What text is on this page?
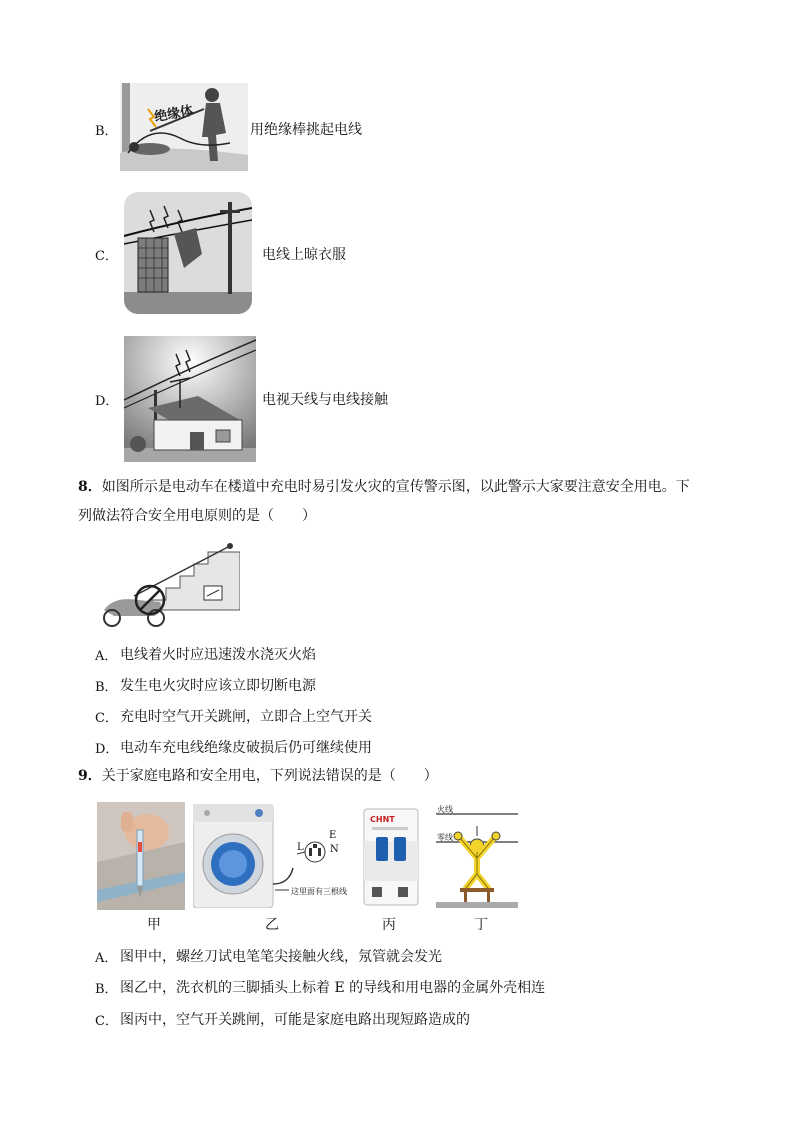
B．
绝缘体
用绝缘棒挑起电线
C．	电线上晾衣服
D．	电视天线与电线接触
8．如图所示是电动车在楼道中充电时易引发火灾的宣传警示图，以此警示大家要注意安全用电。下
列做法符合安全用电原则的是（　　）
A． 电线着火时应迅速泼水浇灭火焰
B． 发生电火灾时应该立即切断电源
C． 充电时空气开关跳闸，立即合上空气开关
D． 电动车充电线绝缘皮破损后仍可继续使用
9．关于家庭电路和安全用电，下列说法错误的是（　　）
甲
L
E
N
这里面有三根线
乙
CHNT
丙
火线
零线
丁
A． 图甲中，螺丝刀试电笔笔尖接触火线，氖管就会发光
B． 图乙中，洗衣机的三脚插头上标着 E 的导线和用电器的金属外壳相连
C． 图丙中，空气开关跳闸，可能是家庭电路出现短路造成的
